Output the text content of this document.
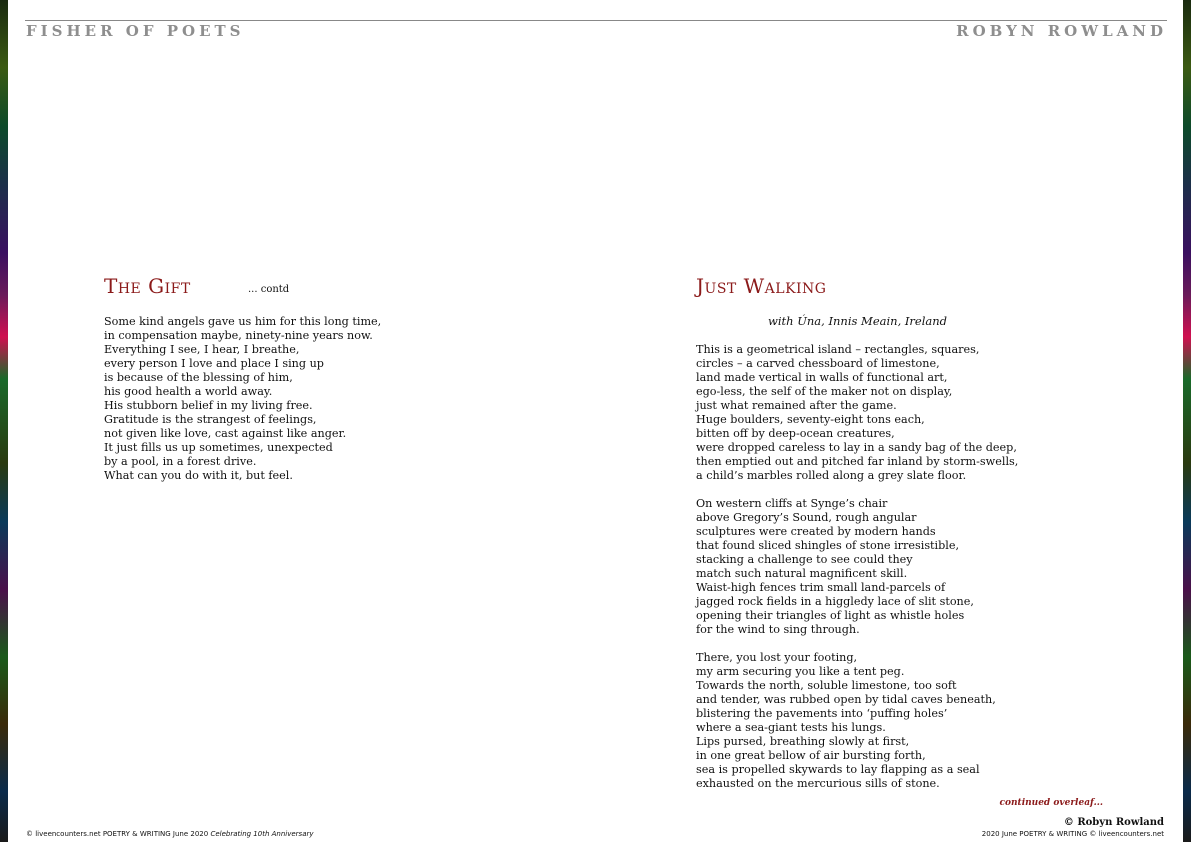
FISHER OF POETS	ROBYN ROWLAND
The Gift	... contd
Some kind angels gave us him for this long time,
in compensation maybe, ninety-nine years now.
Everything I see, I hear, I breathe,
every person I love and place I sing up
is because of the blessing of him,
his good health a world away.
His stubborn belief in my living free.
Gratitude is the strangest of feelings,
not given like love, cast against like anger.
It just fills us up sometimes, unexpected
by a pool, in a forest drive.
What can you do with it, but feel.
Just Walking
with Úna, Innis Meain, Ireland
This is a geometrical island – rectangles, squares,
circles – a carved chessboard of limestone,
land made vertical in walls of functional art,
ego-less, the self of the maker not on display,
just what remained after the game.
Huge boulders, seventy-eight tons each,
bitten off by deep-ocean creatures,
were dropped careless to lay in a sandy bag of the deep,
then emptied out and pitched far inland by storm-swells,
a child’s marbles rolled along a grey slate floor.
On western cliffs at Synge’s chair
above Gregory’s Sound, rough angular
sculptures were created by modern hands
that found sliced shingles of stone irresistible,
stacking a challenge to see could they
match such natural magnificent skill.
Waist-high fences trim small land-parcels of
jagged rock fields in a higgledy lace of slit stone,
opening their triangles of light as whistle holes
for the wind to sing through.
There, you lost your footing,
my arm securing you like a tent peg.
Towards the north, soluble limestone, too soft
and tender, was rubbed open by tidal caves beneath,
blistering the pavements into ‘puffing holes’
where a sea-giant tests his lungs.
Lips pursed, breathing slowly at first,
in one great bellow of air bursting forth,
sea is propelled skywards to lay flapping as a seal
exhausted on the mercurious sills of stone.
continued overleaf...
© Robyn Rowland
© liveencounters.net POETRY & WRITING June 2020 Celebrating 10th Anniversary	2020 June POETRY & WRITING © liveencounters.net
